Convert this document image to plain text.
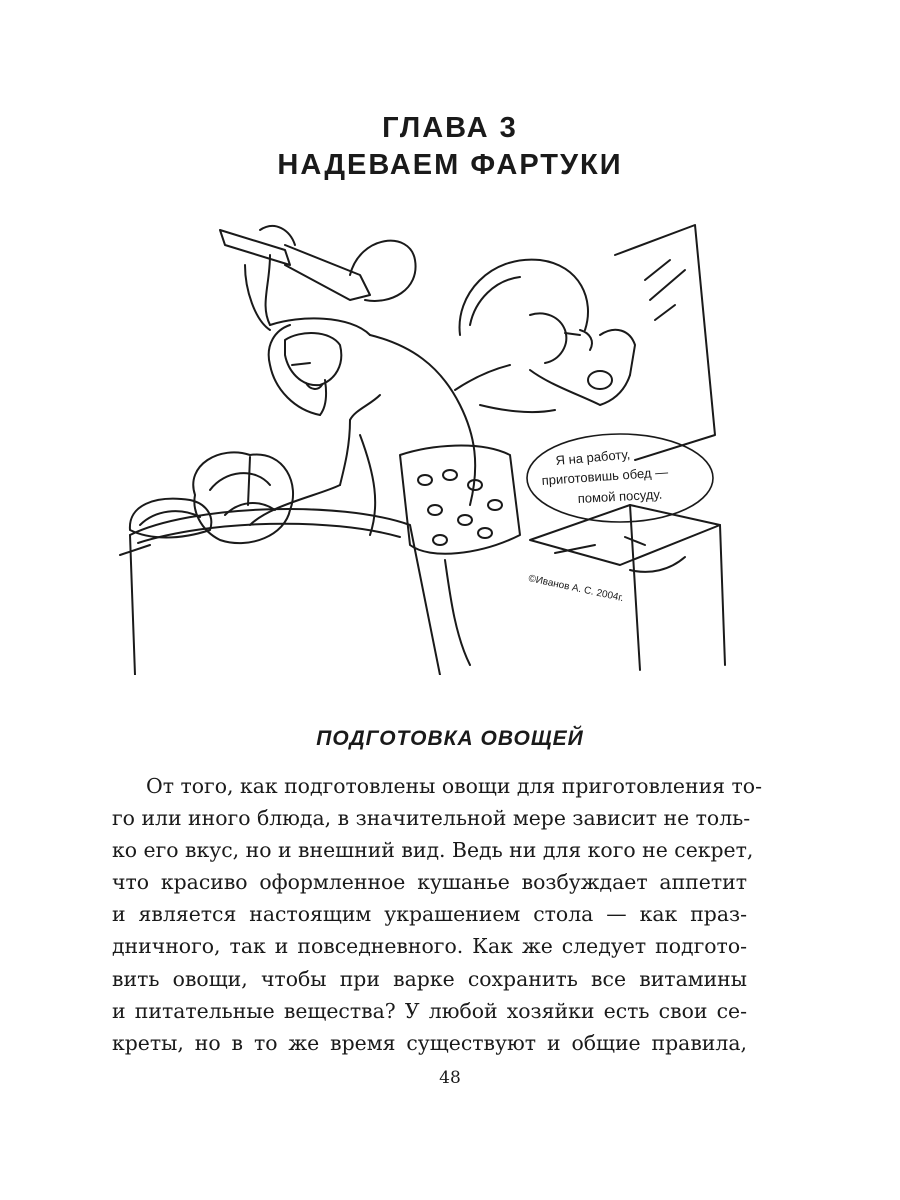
ГЛАВА 3
НАДЕВАЕМ ФАРТУКИ
Я на работу,
приготовишь обед —
помой посуду.
©Иванов А. С. 2004г.
ПОДГОТОВКА ОВОЩЕЙ
От того, как подготовлены овощи для приготовления то-
го или иного блюда, в значительной мере зависит не толь-
ко его вкус, но и внешний вид. Ведь ни для кого не секрет,
что красиво оформленное кушанье возбуждает аппетит
и является настоящим украшением стола — как праз-
дничного, так и повседневного. Как же следует подгото-
вить овощи, чтобы при варке сохранить все витамины
и питательные вещества? У любой хозяйки есть свои се-
креты, но в то же время существуют и общие правила,
48
